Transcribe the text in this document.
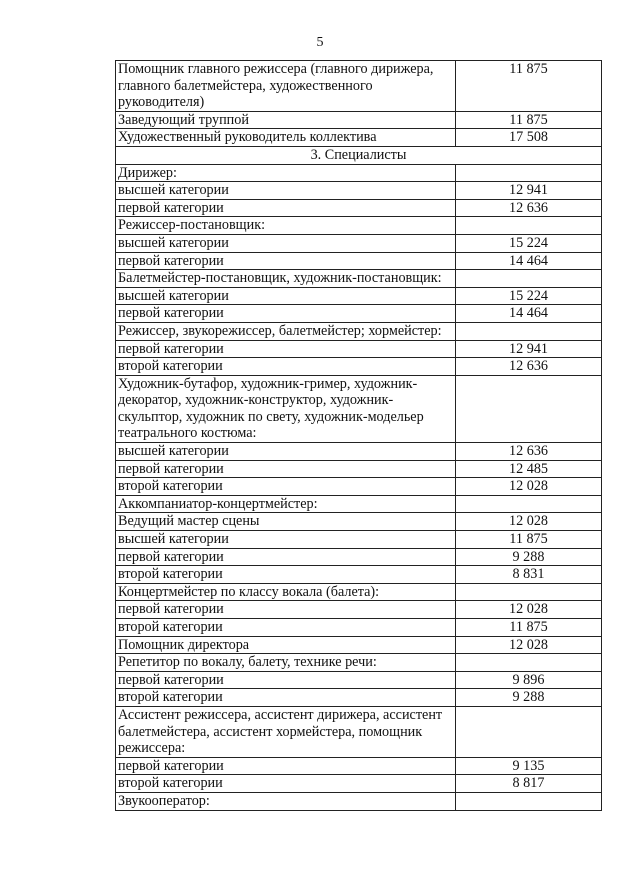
5
Помощник главного режиссера (главного дирижера, главного балетмейстера, художественного руководителя)	11 875
Заведующий труппой	11 875
Художественный руководитель коллектива	17 508
3. Специалисты	
Дирижер:	
высшей категории	12 941
первой категории	12 636
Режиссер-постановщик:	
высшей категории	15 224
первой категории	14 464
Балетмейстер-постановщик, художник-постановщик:	
высшей категории	15 224
первой категории	14 464
Режиссер, звукорежиссер, балетмейстер; хормейстер:	
первой категории	12 941
второй категории	12 636
Художник-бутафор, художник-гример, художник-декоратор, художник-конструктор, художник-скульптор, художник по свету, художник-модельер театрального костюма:	
высшей категории	12 636
первой категории	12 485
второй категории	12 028
Аккомпаниатор-концертмейстер:	
Ведущий мастер сцены	12 028
высшей категории	11 875
первой категории	9 288
второй категории	8 831
Концертмейстер по классу вокала (балета):	
первой категории	12 028
второй категории	11 875
Помощник директора	12 028
Репетитор по вокалу, балету, технике речи:	
первой категории	9 896
второй категории	9 288
Ассистент режиссера, ассистент дирижера, ассистент балетмейстера, ассистент хормейстера, помощник режиссера:	
первой категории	9 135
второй категории	8 817
Звукооператор:	
